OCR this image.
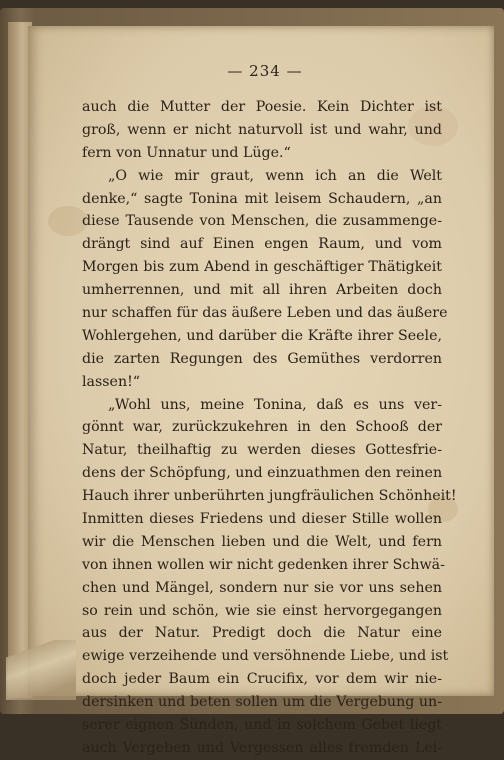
— 234 —
auch die Mutter der Poesie. Kein Dichter ist
groß, wenn er nicht naturvoll ist und wahr, und
fern von Unnatur und Lüge.“
„O wie mir graut, wenn ich an die Welt
denke,“ sagte Tonina mit leisem Schaudern, „an
diese Tausende von Menschen, die zusammenge-
drängt sind auf Einen engen Raum, und vom
Morgen bis zum Abend in geschäftiger Thätigkeit
umherrennen, und mit all ihren Arbeiten doch
nur schaffen für das äußere Leben und das äußere
Wohlergehen, und darüber die Kräfte ihrer Seele,
die zarten Regungen des Gemüthes verdorren
lassen!“
„Wohl uns, meine Tonina, daß es uns ver-
gönnt war, zurückzukehren in den Schooß der
Natur, theilhaftig zu werden dieses Gottesfrie-
dens der Schöpfung, und einzuathmen den reinen
Hauch ihrer unberührten jungfräulichen Schönheit!
Inmitten dieses Friedens und dieser Stille wollen
wir die Menschen lieben und die Welt, und fern
von ihnen wollen wir nicht gedenken ihrer Schwä-
chen und Mängel, sondern nur sie vor uns sehen
so rein und schön, wie sie einst hervorgegangen
aus der Natur. Predigt doch die Natur eine
ewige verzeihende und versöhnende Liebe, und ist
doch jeder Baum ein Crucifix, vor dem wir nie-
dersinken und beten sollen um die Vergebung un-
serer eignen Sünden, und in solchem Gebet liegt
auch Vergeben und Vergessen alles fremden Lei-
